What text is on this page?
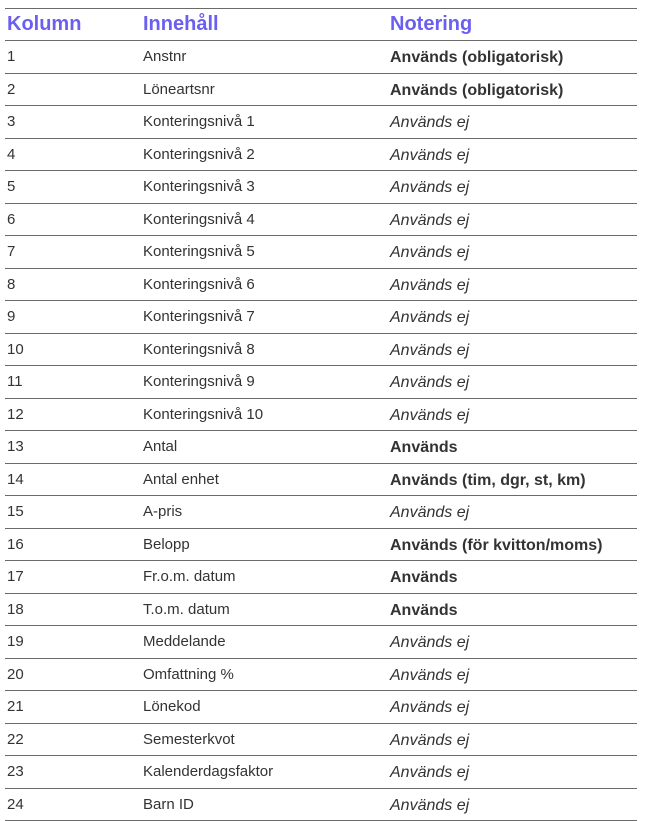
Kolumn	Innehåll	Notering
1	Anstnr	Används (obligatorisk)
2	Löneartsnr	Används (obligatorisk)
3	Konteringsnivå 1	Används ej
4	Konteringsnivå 2	Används ej
5	Konteringsnivå 3	Används ej
6	Konteringsnivå 4	Används ej
7	Konteringsnivå 5	Används ej
8	Konteringsnivå 6	Används ej
9	Konteringsnivå 7	Används ej
10	Konteringsnivå 8	Används ej
11	Konteringsnivå 9	Används ej
12	Konteringsnivå 10	Används ej
13	Antal	Används
14	Antal enhet	Används (tim, dgr, st, km)
15	A-pris	Används ej
16	Belopp	Används (för kvitton/moms)
17	Fr.o.m. datum	Används
18	T.o.m. datum	Används
19	Meddelande	Används ej
20	Omfattning %	Används ej
21	Lönekod	Används ej
22	Semesterkvot	Används ej
23	Kalenderdagsfaktor	Används ej
24	Barn ID	Används ej
